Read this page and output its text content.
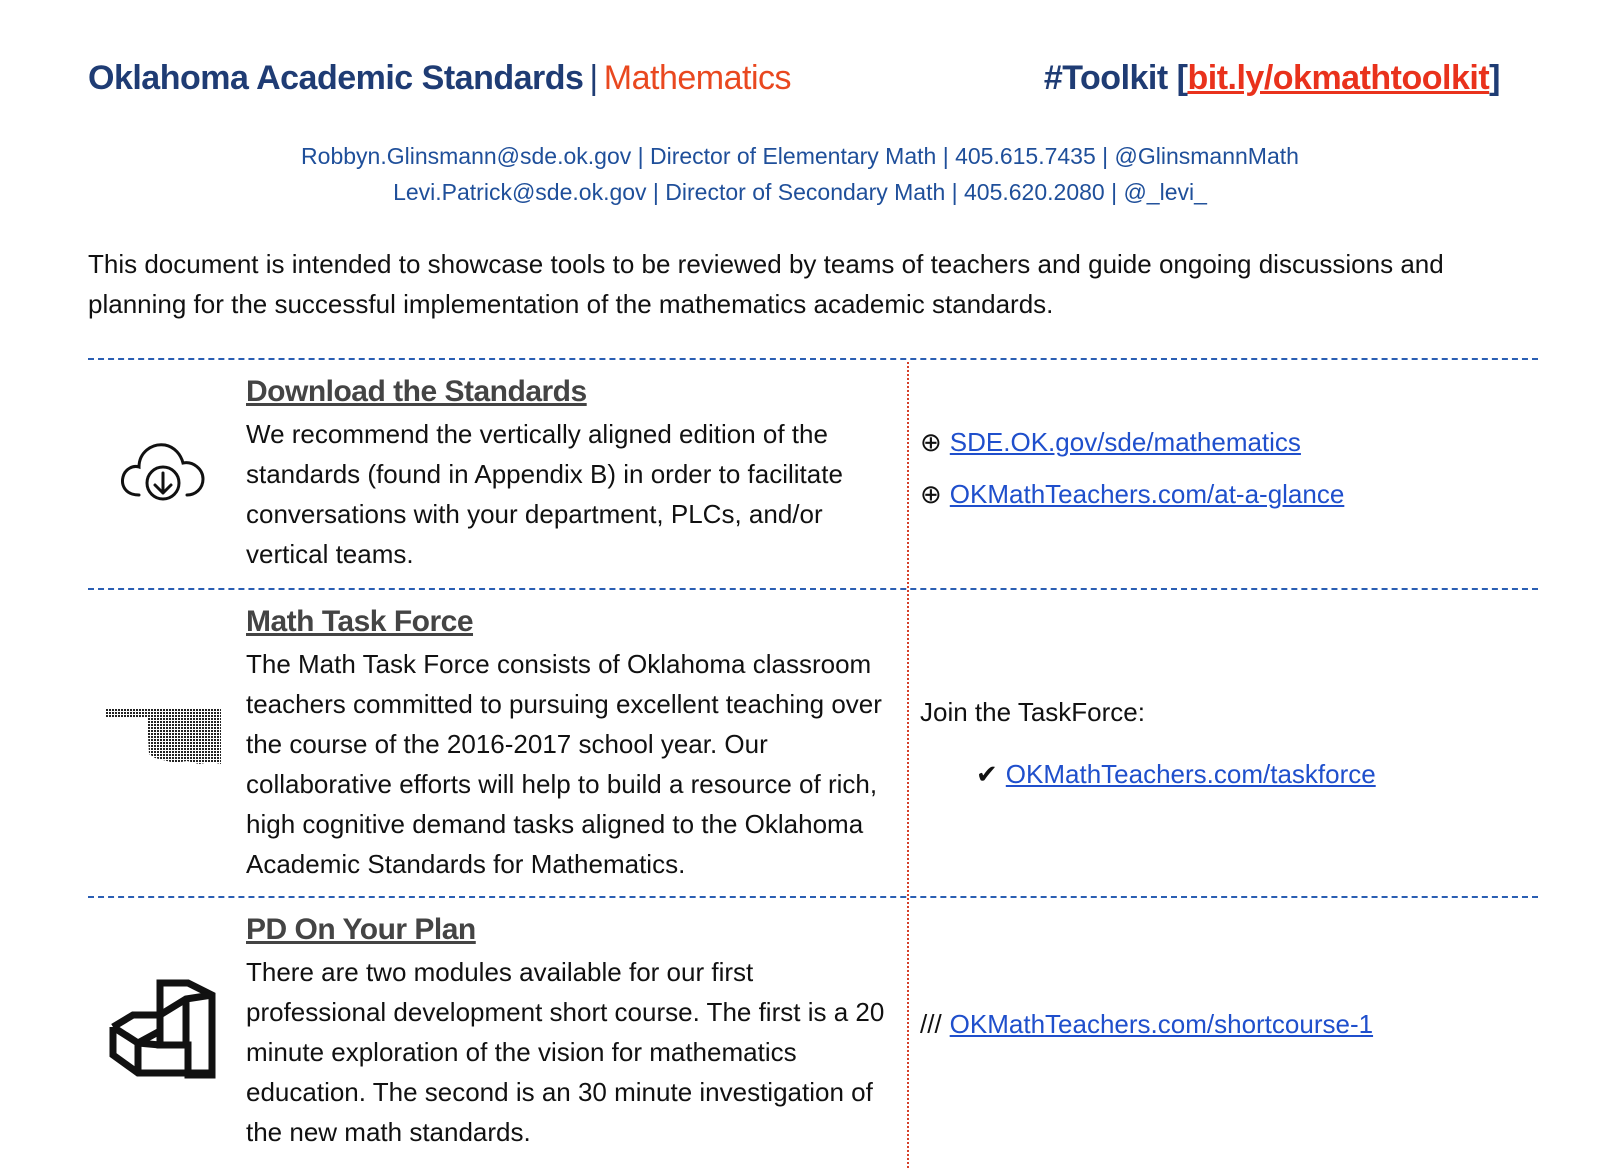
Oklahoma Academic Standards | Mathematics	#Toolkit [bit.ly/okmathtoolkit]
Robbyn.Glinsmann@sde.ok.gov | Director of Elementary Math | 405.615.7435 | @GlinsmannMath
Levi.Patrick@sde.ok.gov | Director of Secondary Math | 405.620.2080 | @_levi_

This document is intended to showcase tools to be reviewed by teams of teachers and guide ongoing discussions and planning for the successful implementation of the mathematics academic standards.

Download the Standards
We recommend the vertically aligned edition of the standards (found in Appendix B) in order to facilitate conversations with your department, PLCs, and/or vertical teams.
⊕ SDE.OK.gov/sde/mathematics
⊕ OKMathTeachers.com/at-a-glance
Math Task Force
The Math Task Force consists of Oklahoma classroom teachers committed to pursuing excellent teaching over the course of the 2016-2017 school year. Our collaborative efforts will help to build a resource of rich, high cognitive demand tasks aligned to the Oklahoma Academic Standards for Mathematics.
Join the TaskForce:
✔ OKMathTeachers.com/taskforce
PD On Your Plan
There are two modules available for our first professional development short course. The first is a 20 minute exploration of the vision for mathematics education. The second is an 30 minute investigation of the new math standards.
/// OKMathTeachers.com/shortcourse-1
